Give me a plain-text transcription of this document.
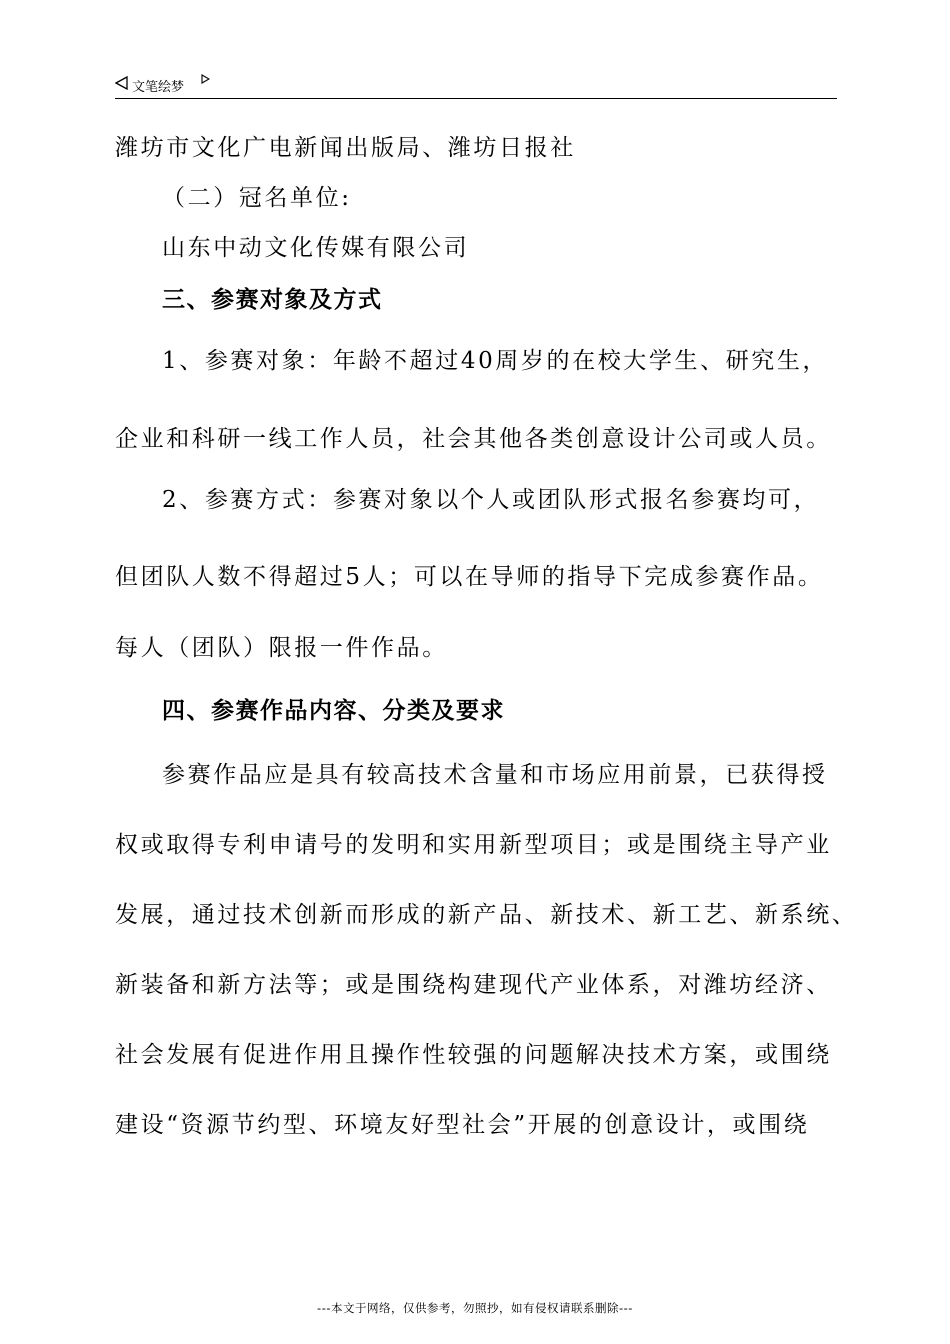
文笔绘梦
潍坊市文化广电新闻出版局、潍坊日报社
（二）冠名单位:
山东中动文化传媒有限公司
三、参赛对象及方式
1、参赛对象：年龄不超过40周岁的在校大学生、研究生，
企业和科研一线工作人员，社会其他各类创意设计公司或人员。
2、参赛方式：参赛对象以个人或团队形式报名参赛均可，
但团队人数不得超过5人；可以在导师的指导下完成参赛作品。
每人（团队）限报一件作品。
四、参赛作品内容、分类及要求
参赛作品应是具有较高技术含量和市场应用前景，已获得授
权或取得专利申请号的发明和实用新型项目；或是围绕主导产业
发展，通过技术创新而形成的新产品、新技术、新工艺、新系统、
新装备和新方法等；或是围绕构建现代产业体系，对潍坊经济、
社会发展有促进作用且操作性较强的问题解决技术方案，或围绕
建设“资源节约型、环境友好型社会”开展的创意设计，或围绕
---本文于网络，仅供参考，勿照抄，如有侵权请联系删除---
